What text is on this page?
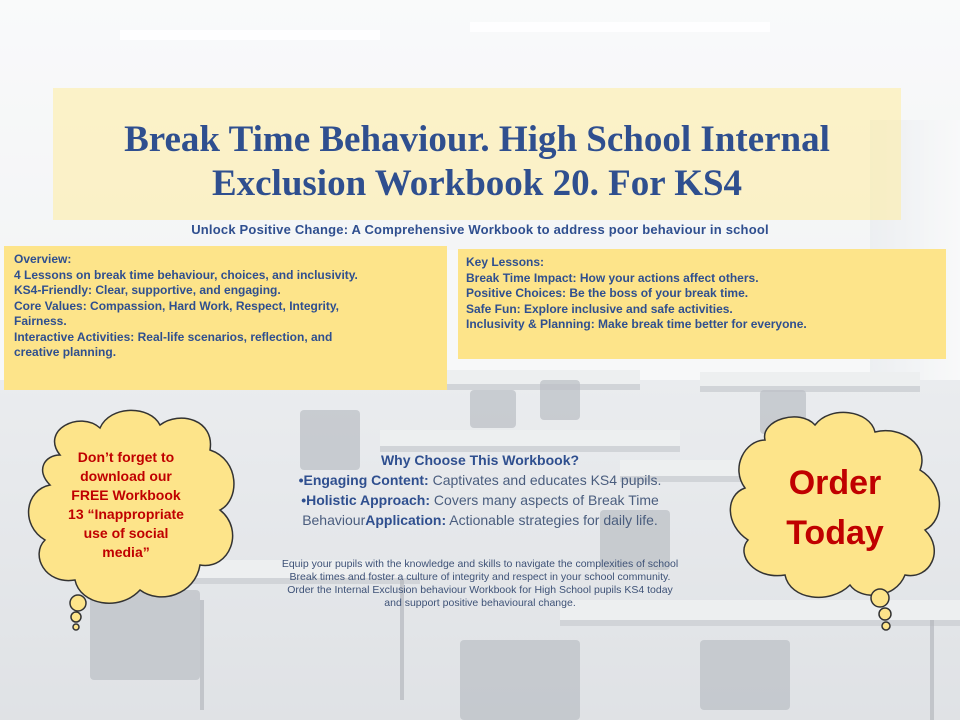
Break Time Behaviour. High School Internal
Exclusion Workbook 20. For KS4
Unlock Positive Change: A Comprehensive Workbook to address poor behaviour in school
Overview:
4 Lessons on break time behaviour, choices, and inclusivity.
KS4-Friendly: Clear, supportive, and engaging.
Core Values: Compassion, Hard Work, Respect, Integrity,
Fairness.
Interactive Activities: Real-life scenarios, reflection, and
creative planning.
Key Lessons:
Break Time Impact: How your actions affect others.
Positive Choices: Be the boss of your break time.
Safe Fun: Explore inclusive and safe activities.
Inclusivity & Planning: Make break time better for everyone.
Don’t forget to
download our
FREE Workbook
13 “Inappropriate
use of social
media”
Order
Today
Why Choose This Workbook?
•Engaging Content: Captivates and educates KS4 pupils.
•Holistic Approach: Covers many aspects of Break Time
BehaviourApplication: Actionable strategies for daily life.
Equip your pupils with the knowledge and skills to navigate the complexities of school
Break times and foster a culture of integrity and respect in your school community.
Order the Internal Exclusion behaviour Workbook for High School pupils KS4 today
and support positive behavioural change.
